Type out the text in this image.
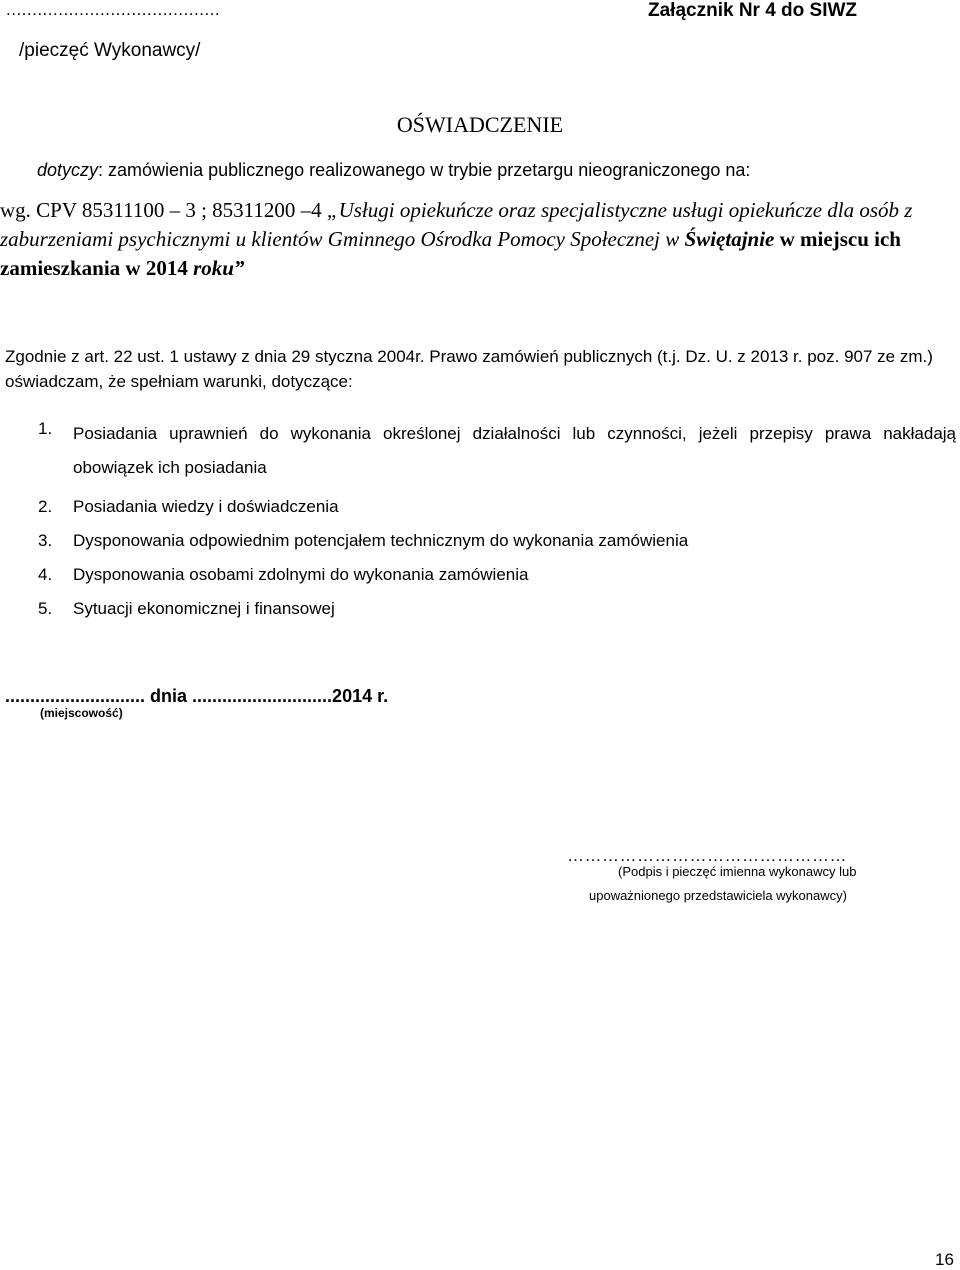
.........................................
/pieczęć Wykonawcy/
Załącznik Nr 4 do SIWZ
OŚWIADCZENIE
dotyczy: zamówienia publicznego realizowanego w trybie przetargu nieograniczonego na:
wg. CPV 85311100 – 3 ; 85311200 –4 „Usługi opiekuńcze oraz specjalistyczne usługi opiekuńcze dla osób z zaburzeniami psychicznymi u klientów Gminnego Ośrodka Pomocy Społecznej w Świętajnie w miejscu ich zamieszkania w 2014 roku”
Zgodnie z art. 22 ust. 1 ustawy z dnia 29 styczna 2004r. Prawo zamówień publicznych (t.j. Dz. U. z 2013 r. poz. 907 ze zm.) oświadczam, że spełniam warunki, dotyczące:
1. Posiadania uprawnień do wykonania określonej działalności lub czynności, jeżeli przepisy prawa nakładają obowiązek ich posiadania
2. Posiadania wiedzy i doświadczenia
3. Dysponowania odpowiednim potencjałem technicznym do wykonania zamówienia
4. Dysponowania osobami zdolnymi do wykonania zamówienia
5. Sytuacji ekonomicznej i finansowej
............................ dnia ............................2014 r.
(miejscowość)
…………………………………………
(Podpis i pieczęć imienna wykonawcy lub
upoważnionego przedstawiciela wykonawcy)
16
